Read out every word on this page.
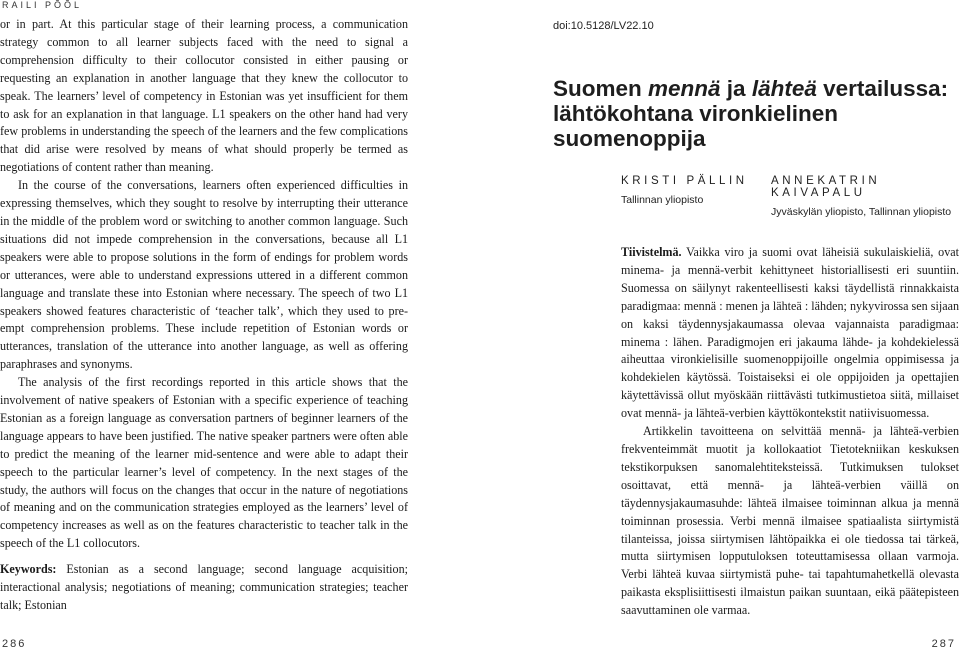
RAILI PÕÕL

or in part. At this particular stage of their learning process, a communication strategy common to all learner subjects faced with the need to signal a comprehension difficulty to their collocutor consisted in either pausing or requesting an explanation in another language that they knew the collocutor to speak. The learners’ level of competency in Estonian was yet insufficient for them to ask for an explanation in that language. L1 speakers on the other hand had very few problems in understanding the speech of the learners and the few complications that did arise were resolved by means of what should properly be termed as negotiations of content rather than meaning.

In the course of the conversations, learners often experienced difficulties in expressing themselves, which they sought to resolve by interrupting their utterance in the middle of the problem word or switching to another common language. Such situations did not impede comprehension in the conversations, because all L1 speakers were able to propose solutions in the form of endings for problem words or utterances, were able to understand expressions uttered in a different common language and translate these into Estonian where necessary. The speech of two L1 speakers showed features characteristic of ‘teacher talk’, which they used to pre-empt comprehension problems. These include repetition of Estonian words or utterances, translation of the utterance into another language, as well as offering paraphrases and synonyms.

The analysis of the first recordings reported in this article shows that the involvement of native speakers of Estonian with a specific experience of teaching Estonian as a foreign language as conversation partners of beginner learners of the language appears to have been justified. The native speaker partners were often able to predict the meaning of the learner mid-sentence and were able to adapt their speech to the particular learner’s level of competency. In the next stages of the study, the authors will focus on the changes that occur in the nature of negotiations of meaning and on the communication strategies employed as the learners’ level of competency increases as well as on the features characteristic to teacher talk in the speech of the L1 collocutors.

Keywords: Estonian as a second language; second language acquisition; interactional analysis; negotiations of meaning; communication strategies; teacher talk; Estonian

doi:10.5128/LV22.10
Suomen mennä ja lähteä vertailussa: lähtökohtana vironkielinen suomenoppija
KRISTI PÄLLIN
Tallinnan yliopisto
ANNEKATRIN KAIVAPALU
Jyväskylän yliopisto, Tallinnan yliopisto

Tiivistelmä. Vaikka viro ja suomi ovat läheisiä sukulaiskieliä, ovat minema- ja mennä-verbit kehittyneet historiallisesti eri suuntiin. Suomessa on säilynyt rakenteellisesti kaksi täydellistä rinnakkaista paradigmaa: mennä : menen ja lähteä : lähden; nykyvirossa sen sijaan on kaksi täydennysjakaumassa olevaa vajannaista paradigmaa: minema : lähen. Paradigmojen eri jakauma lähde- ja kohdekielessä aiheuttaa vironkielisille suomenoppijoille ongelmia oppimisessa ja kohdekielen käytössä. Toistaiseksi ei ole oppijoiden ja opettajien käytettävissä ollut myöskään riittävästi tutkimustietoa siitä, millaiset ovat mennä- ja lähteä-verbien käyttökontekstit natiivisuomessa.

Artikkelin tavoitteena on selvittää mennä- ja lähteä-verbien frekventeimmät muotit ja kollokaatiot Tietotekniikan keskuksen tekstikorpuksen sanomalehtiteksteissä. Tutkimuksen tulokset osoittavat, että mennä- ja lähteä-verbien väillä on täydennysjakaumasuhde: lähteä ilmaisee toiminnan alkua ja mennä toiminnan prosessia. Verbi mennä ilmaisee spatiaalista siirtymistä tilanteissa, joissa siirtymisen lähtöpaikka ei ole tiedossa tai tärkeä, mutta siirtymisen lopputuloksen toteuttamisessa ollaan varmoja. Verbi lähteä kuvaa siirtymistä puhe- tai tapahtumahetkellä olevasta paikasta eksplisiittisesti ilmaistun paikan suuntaan, eikä päätepisteen saavuttaminen ole varmaa.

286	287
